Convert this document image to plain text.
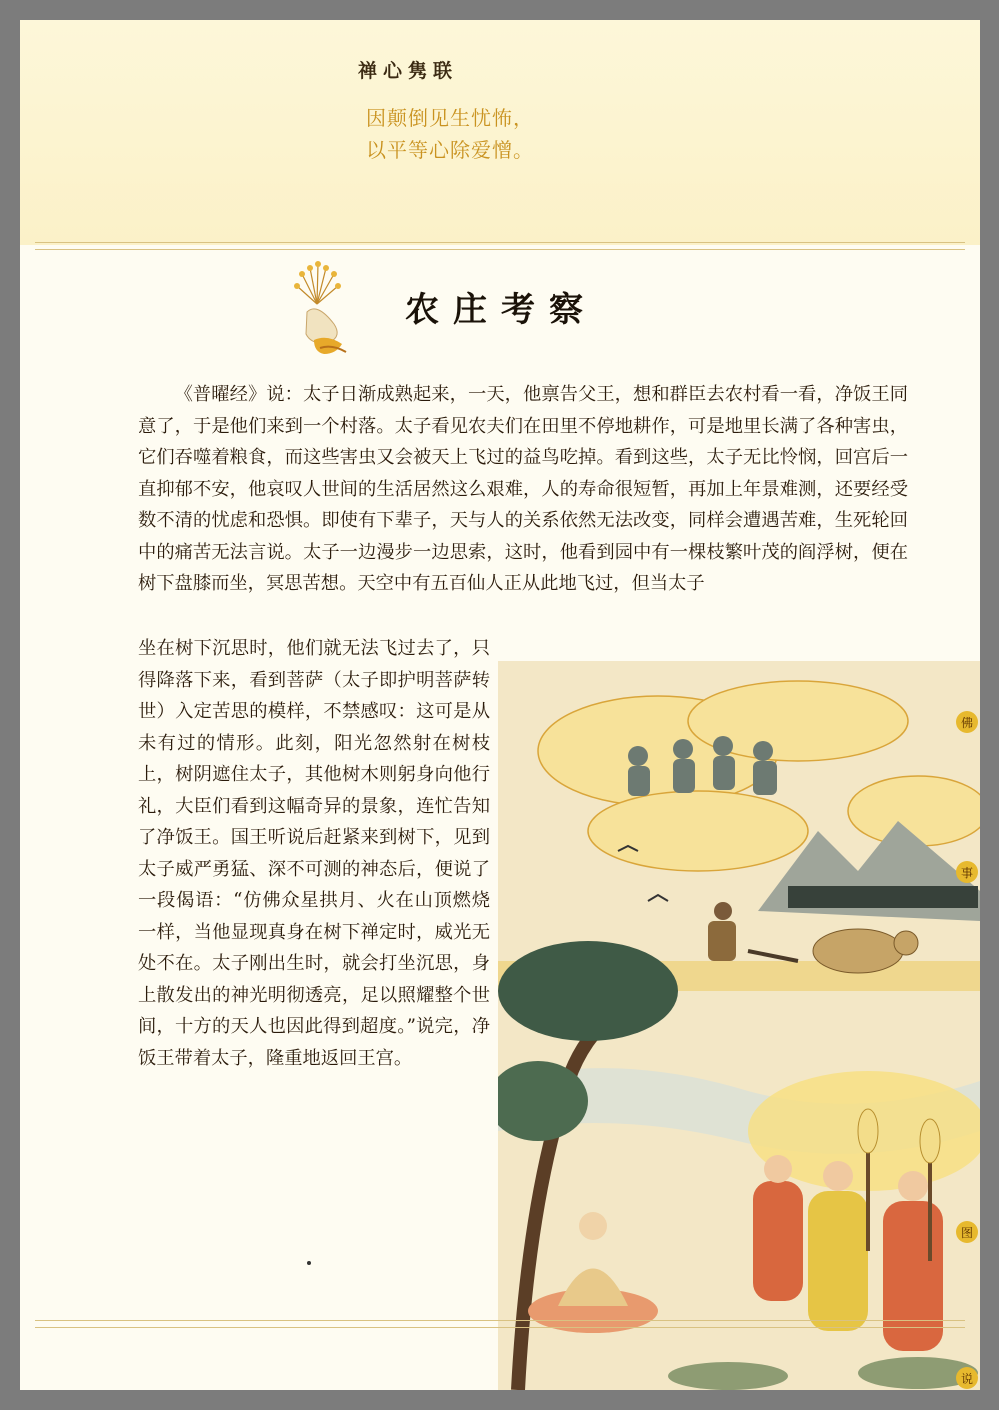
禅心隽联
因颠倒见生忧怖，
以平等心除爱憎。
农庄考察
《普曜经》说：太子日渐成熟起来，一天，他禀告父王，想和群臣去农村看一看，净饭王同意了，于是他们来到一个村落。太子看见农夫们在田里不停地耕作，可是地里长满了各种害虫，它们吞噬着粮食，而这些害虫又会被天上飞过的益鸟吃掉。看到这些，太子无比怜悯，回宫后一直抑郁不安，他哀叹人世间的生活居然这么艰难，人的寿命很短暂，再加上年景难测，还要经受数不清的忧虑和恐惧。即使有下辈子，天与人的关系依然无法改变，同样会遭遇苦难，生死轮回中的痛苦无法言说。太子一边漫步一边思索，这时，他看到园中有一棵枝繁叶茂的阎浮树，便在树下盘膝而坐，冥思苦想。天空中有五百仙人正从此地飞过，但当太子
坐在树下沉思时，他们就无法飞过去了，只得降落下来，看到菩萨（太子即护明菩萨转世）入定苦思的模样，不禁感叹：这可是从未有过的情形。此刻，阳光忽然射在树枝上，树阴遮住太子，其他树木则躬身向他行礼，大臣们看到这幅奇异的景象，连忙告知了净饭王。国王听说后赶紧来到树下，见到太子威严勇猛、深不可测的神态后，便说了一段偈语：“仿佛众星拱月、火在山顶燃烧一样，当他显现真身在树下禅定时，威光无处不在。太子刚出生时，就会打坐沉思，身上散发出的神光明彻透亮，足以照耀整个世间，十方的天人也因此得到超度。”说完，净饭王带着太子，隆重地返回王宫。
佛
事
图
说
